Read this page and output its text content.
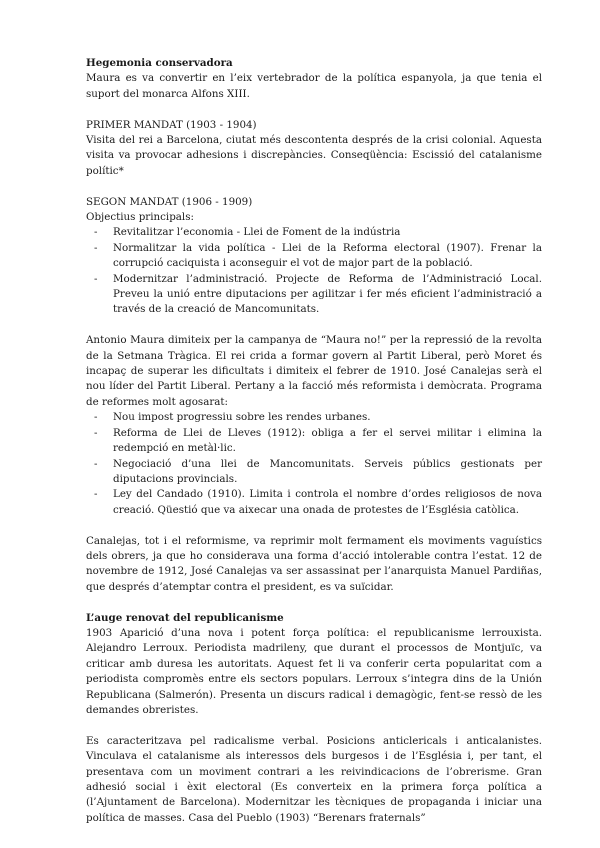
Hegemonia conservadora

Maura es va convertir en l’eix vertebrador de la política espanyola, ja que tenia el suport del monarca Alfons XIII.

PRIMER MANDAT (1903 - 1904)

Visita del rei a Barcelona, ciutat més descontenta després de la crisi colonial. Aquesta visita va provocar adhesions i discrepàncies. Conseqüència: Escissió del catalanisme polític*

SEGON MANDAT (1906 - 1909)

Objectius principals:

- Revitalitzar l’economia - Llei de Foment de la indústria
- Normalitzar la vida política - Llei de la Reforma electoral (1907). Frenar la corrupció caciquista i aconseguir el vot de major part de la població.
- Modernitzar l’administració. Projecte de Reforma de l’Administració Local. Preveu la unió entre diputacions per agilitzar i fer més eficient l’administració a través de la creació de Mancomunitats.

Antonio Maura dimiteix per la campanya de “Maura no!” per la repressió de la revolta de la Setmana Tràgica. El rei crida a formar govern al Partit Liberal, però Moret és incapaç de superar les dificultats i dimiteix el febrer de 1910. José Canalejas serà el nou líder del Partit Liberal. Pertany a la facció més reformista i demòcrata. Programa de reformes molt agosarat:

- Nou impost progressiu sobre les rendes urbanes.
- Reforma de Llei de Lleves (1912): obliga a fer el servei militar i elimina la redempció en metàl·lic.
- Negociació d’una llei de Mancomunitats. Serveis públics gestionats per diputacions provincials.
- Ley del Candado (1910). Limita i controla el nombre d’ordes religiosos de nova creació. Qüestió que va aixecar una onada de protestes de l’Església catòlica.

Canalejas, tot i el reformisme, va reprimir molt fermament els moviments vaguístics dels obrers, ja que ho considerava una forma d’acció intolerable contra l’estat. 12 de novembre de 1912, José Canalejas va ser assassinat per l’anarquista Manuel Pardiñas, que després d’atemptar contra el president, es va suïcidar.

L’auge renovat del republicanisme

1903 Aparició d’una nova i potent força política: el republicanisme lerrouxista. Alejandro Lerroux. Periodista madrileny, que durant el processos de Montjuïc, va criticar amb duresa les autoritats. Aquest fet li va conferir certa popularitat com a periodista compromès entre els sectors populars. Lerroux s’integra dins de la Unión Republicana (Salmerón). Presenta un discurs radical i demagògic, fent-se ressò de les demandes obreristes.

Es caracteritzava pel radicalisme verbal. Posicions anticlericals i anticalanistes. Vinculava el catalanisme als interessos dels burgesos i de l’Església i, per tant, el presentava com un moviment contrari a les reivindicacions de l’obrerisme. Gran adhesió social i èxit electoral (Es converteix en la primera força política a (l’Ajuntament de Barcelona). Modernitzar les tècniques de propaganda i iniciar una política de masses. Casa del Pueblo (1903) “Berenars fraternals”
